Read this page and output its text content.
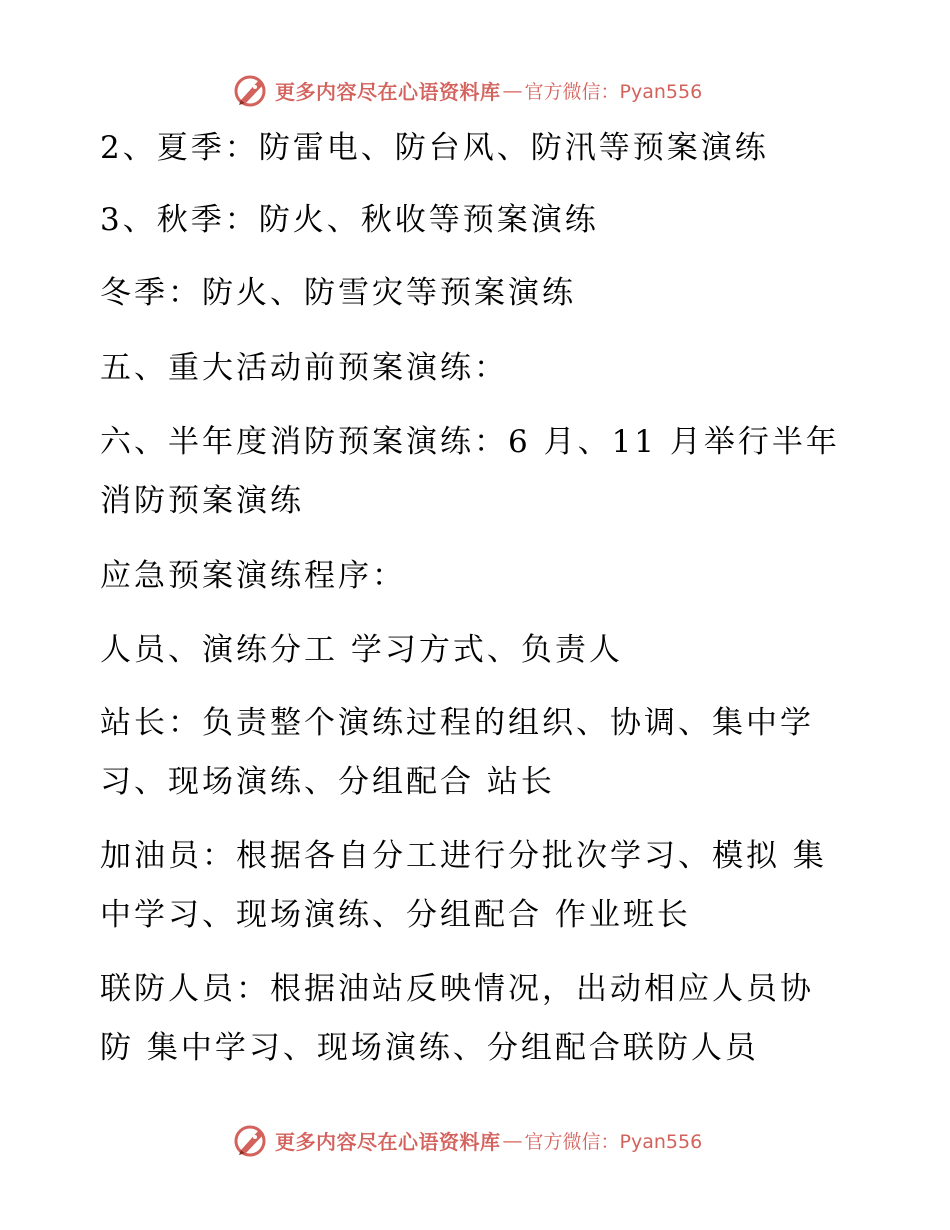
更多内容尽在心语资料库 — 官方微信：Pyan556
2、夏季：防雷电、防台风、防汛等预案演练
3、秋季：防火、秋收等预案演练
冬季：防火、防雪灾等预案演练
五、重大活动前预案演练：
六、半年度消防预案演练：6 月、11 月举行半年
消防预案演练
应急预案演练程序：
人员、演练分工 学习方式、负责人
站长：负责整个演练过程的组织、协调、集中学
习、现场演练、分组配合 站长
加油员：根据各自分工进行分批次学习、模拟 集
中学习、现场演练、分组配合 作业班长
联防人员：根据油站反映情况，出动相应人员协
防 集中学习、现场演练、分组配合联防人员
更多内容尽在心语资料库 — 官方微信：Pyan556
